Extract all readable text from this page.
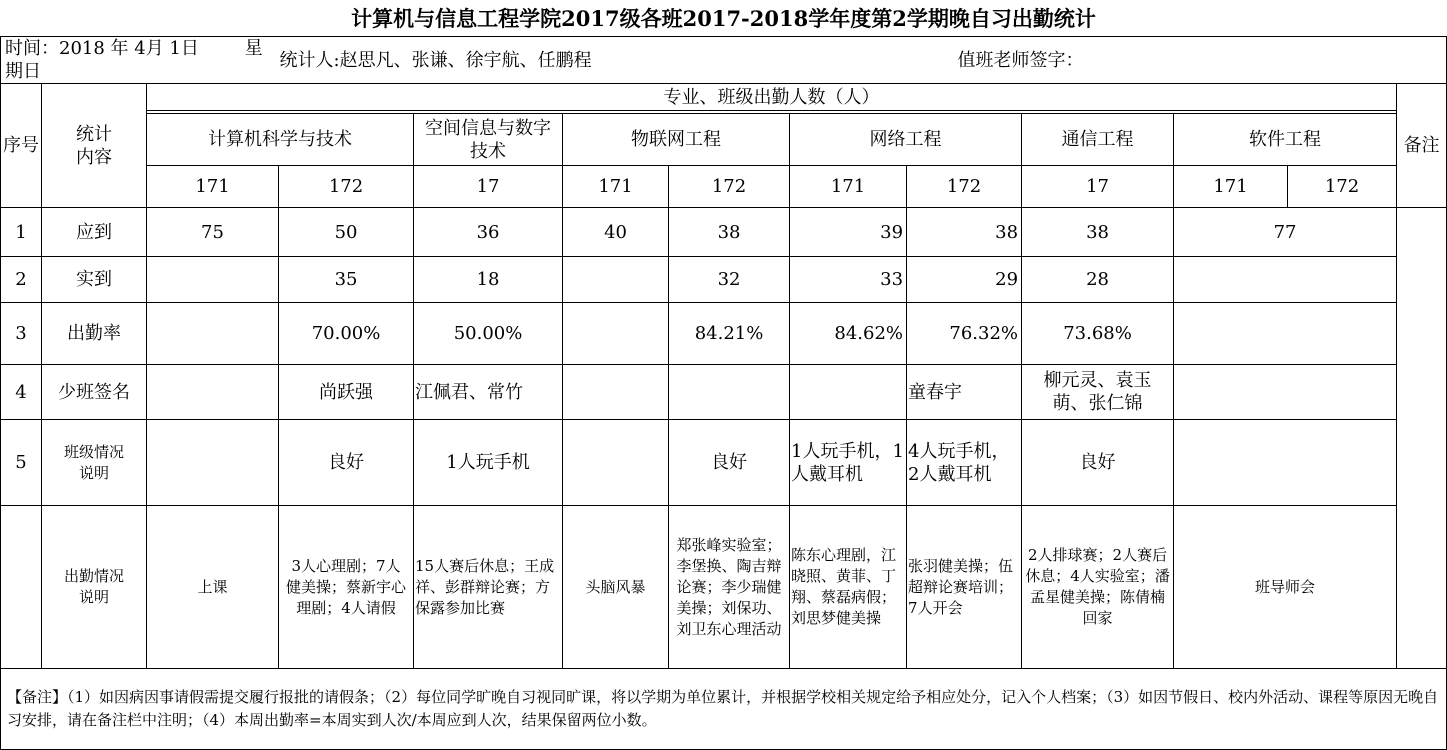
计算机与信息工程学院2017级各班2017-2018学年度第2学期晚自习出勤统计
时间：2018 年 4月 1日 星期日			统计人:赵思凡、张谦、徐宇航、任鹏程					值班老师签字：				
序号	统计内容	专业、班级出勤人数（人）										备注

		计算机科学与技术		空间信息与数字技术	物联网工程		网络工程		通信工程	软件工程		
		171	172	17	171	172	171	172	17	171	172	
1	应到	75	50	36	40	38	39	38	38	77		
2	实到		35	18		32	33	29	28			
3	出勤率		70.00%	50.00%		84.21%	84.62%	76.32%	73.68%			
4	少班签名		尚跃强	江佩君、常竹				童春宇	柳元灵、袁玉萌、张仁锦			

5	班级情况说明		良好	1人玩手机		良好	1人玩手机，1人戴耳机	4人玩手机，2人戴耳机	良好			

	出勤情况说明	上课	3人心理剧；7人健美操；蔡新宇心理剧；4人请假	15人赛后休息；王成祥、彭群辩论赛；方保露参加比赛	头脑风暴	郑张峰实验室；李堡换、陶吉辩论赛；李少瑞健美操；刘保功、刘卫东心理活动	陈东心理剧，江晓照、黄菲、丁翔、蔡磊病假；刘思梦健美操	张羽健美操；伍超辩论赛培训；7人开会	2人排球赛；2人赛后休息；4人实验室；潘孟星健美操；陈倩楠回家	班导师会		
【备注】（1）如因病因事请假需提交履行报批的请假条；（2）每位同学旷晚自习视同旷课，将以学期为单位累计，并根据学校相关规定给予相应处分，记入个人档案；（3）如因节假日、校内外活动、课程等原因无晚自习安排，请在备注栏中注明；（4）本周出勤率=本周实到人次/本周应到人次，结果保留两位小数。												
